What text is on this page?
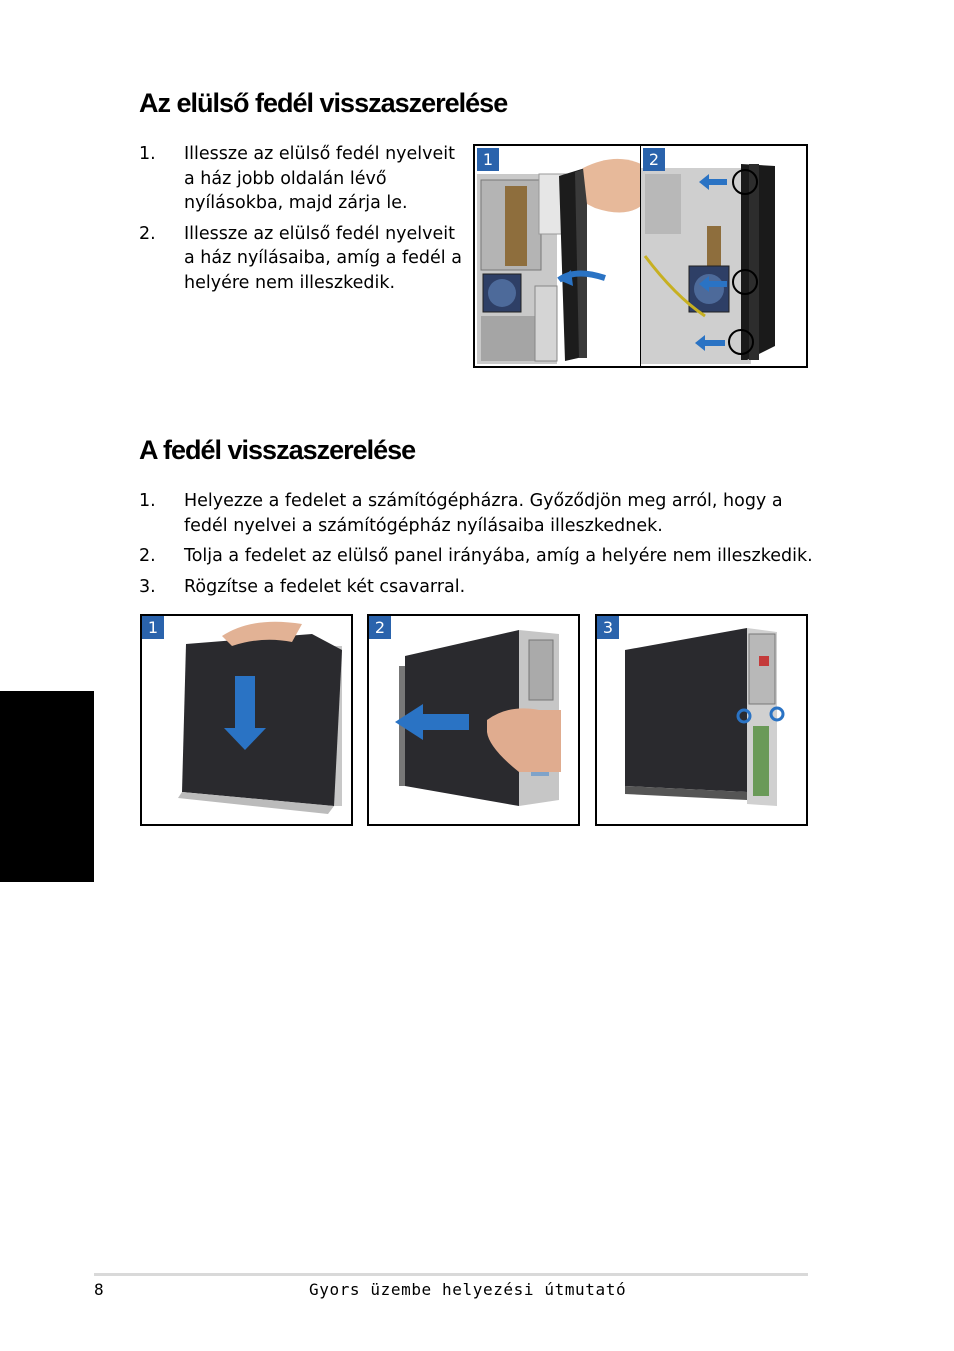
Az elülső fedél visszaszerelése
1. Illessze az elülső fedél nyelveit a ház jobb oldalán lévő nyílásokba, majd zárja le.
2. Illessze az elülső fedél nyelveit a ház nyílásaiba, amíg a fedél a helyére nem illeszkedik.
1	2
A fedél visszaszerelése
1. Helyezze a fedelet a számítógépházra. Győződjön meg arról, hogy a fedél nyelvei a számítógépház nyílásaiba illeszkednek.
2. Tolja a fedelet az elülső panel irányába, amíg a helyére nem illeszkedik.
3. Rögzítse a fedelet két csavarral.
1	2	3
8	Gyors üzembe helyezési útmutató
